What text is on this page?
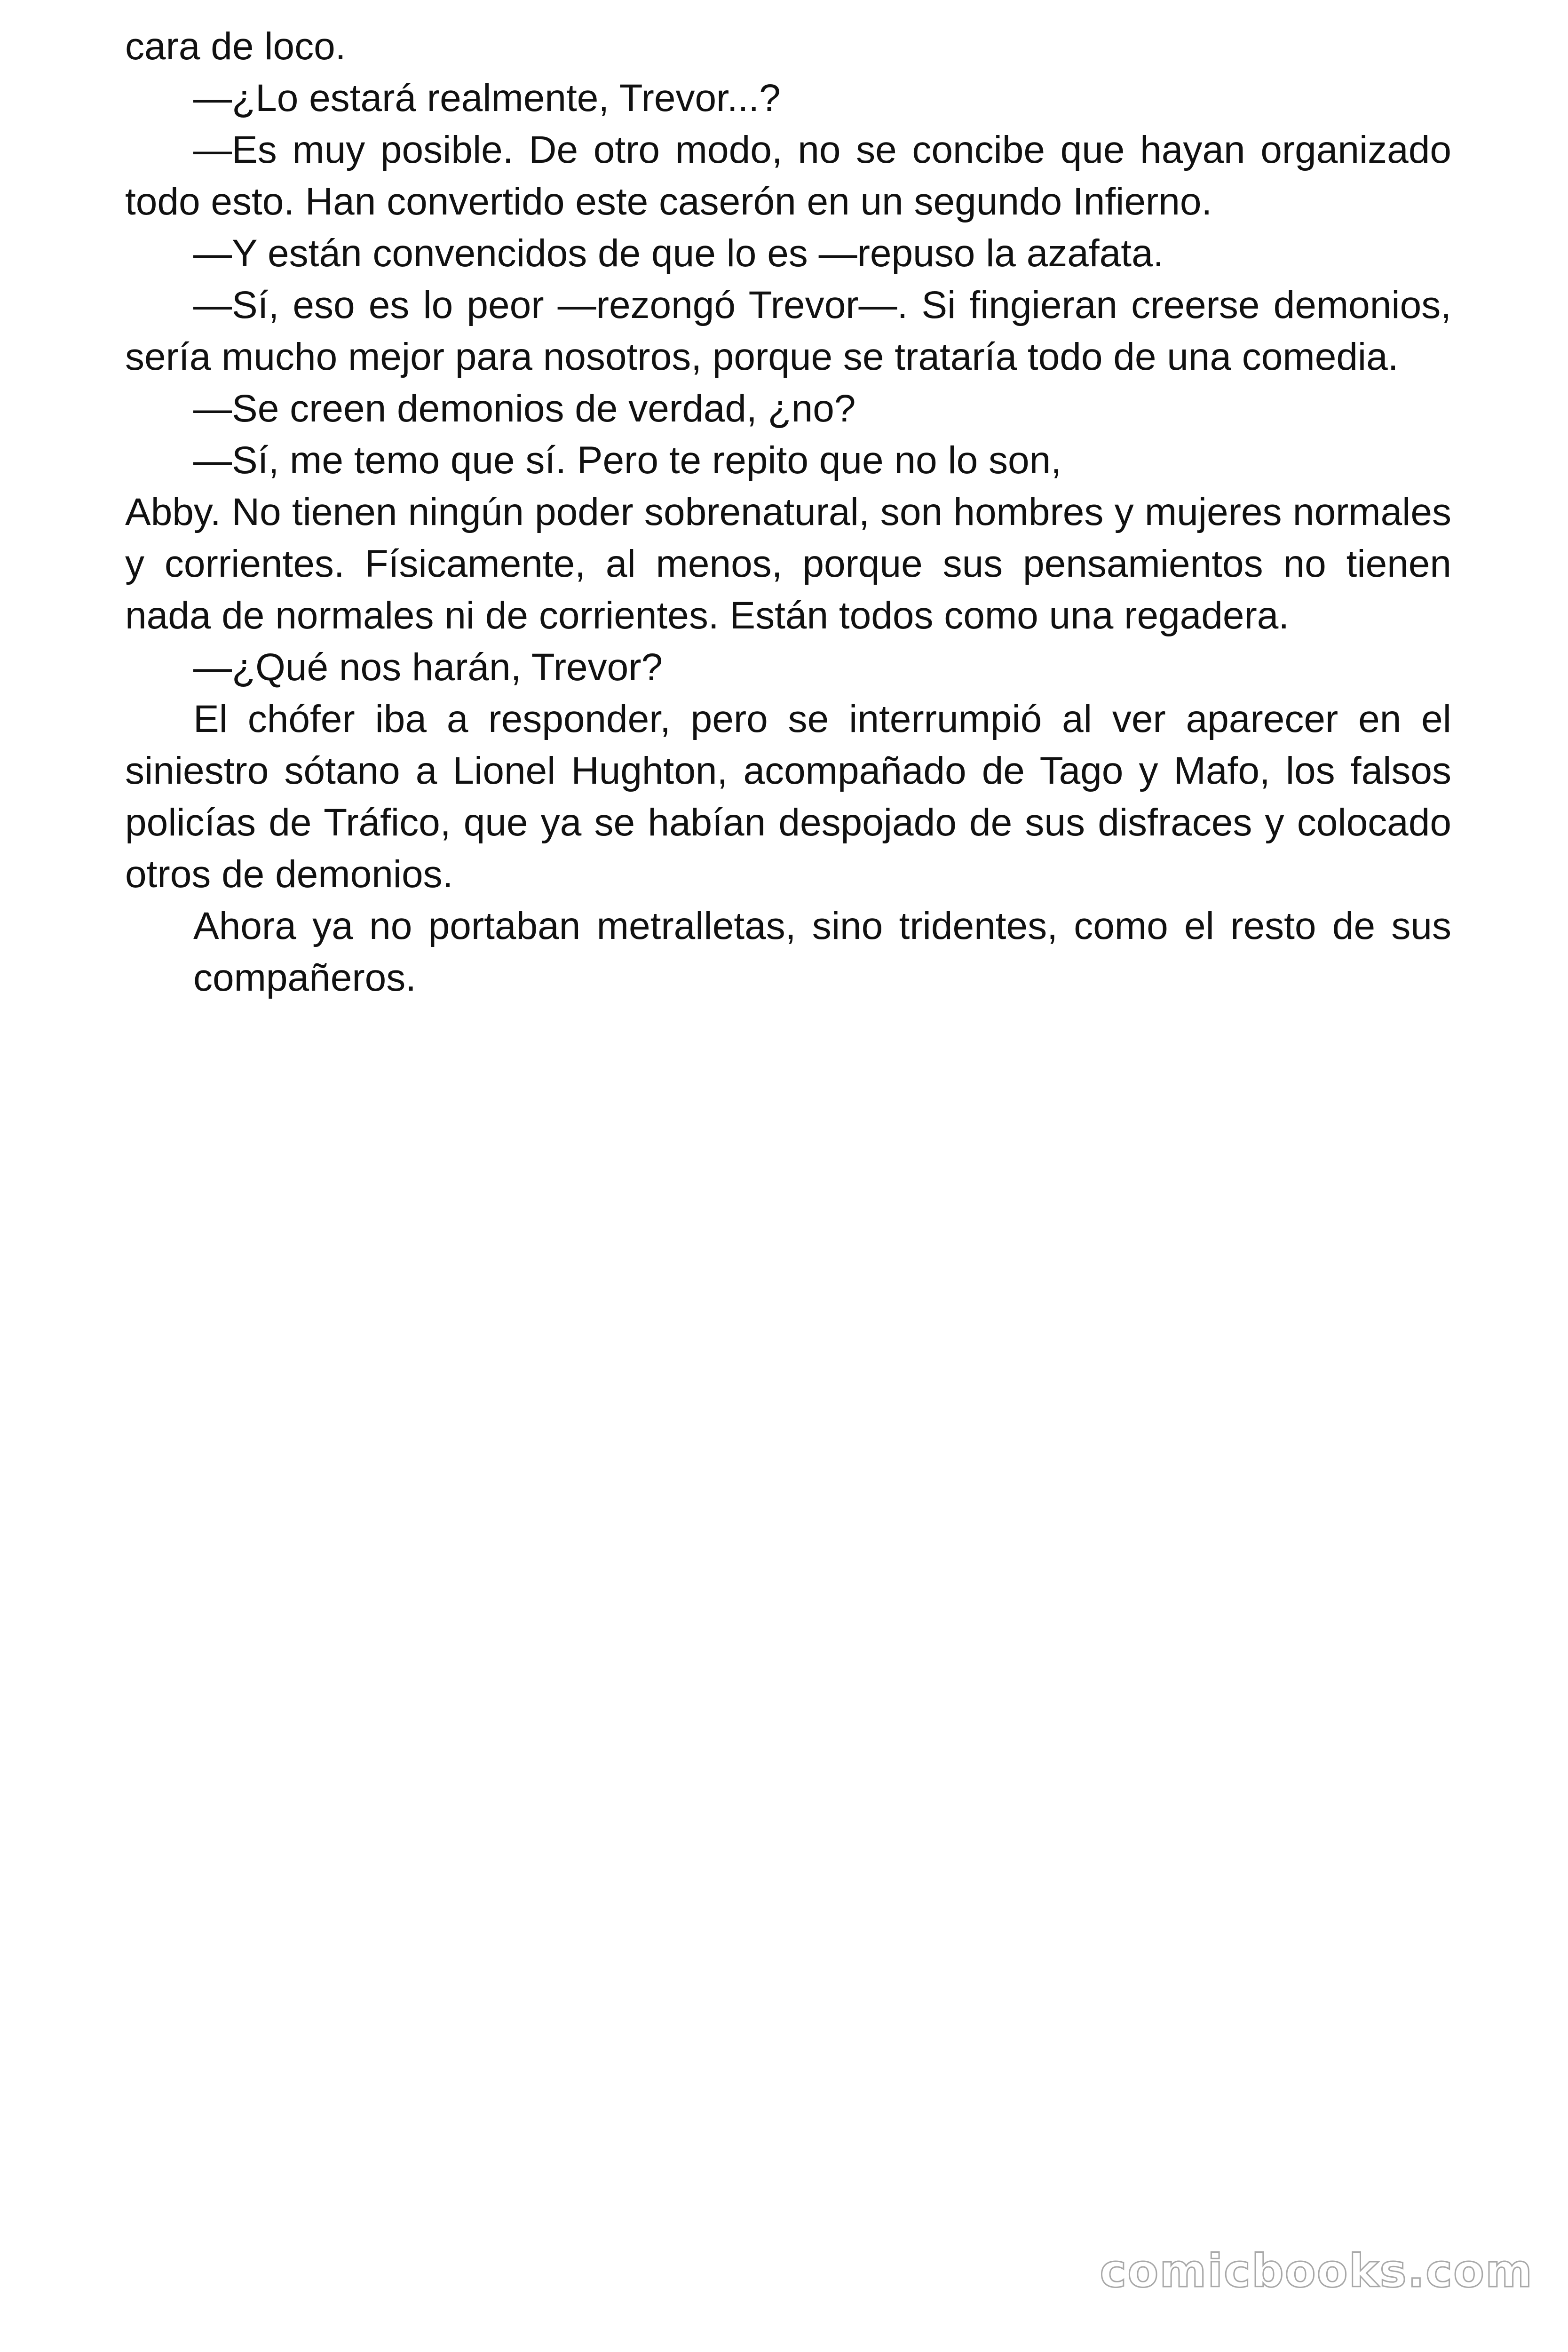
cara de loco.

—¿Lo estará realmente, Trevor...?

—Es muy posible. De otro modo, no se concibe que hayan organizado todo esto. Han convertido este caserón en un segundo Infierno.

—Y están convencidos de que lo es —repuso la azafata.

—Sí, eso es lo peor —rezongó Trevor—. Si fingieran creerse demonios, sería mucho mejor para nosotros, porque se trataría todo de una comedia.

—Se creen demonios de verdad, ¿no?

—Sí, me temo que sí. Pero te repito que no lo son,

Abby. No tienen ningún poder sobrenatural, son hombres y mujeres normales y corrientes. Físicamente, al menos, porque sus pensamientos no tienen nada de normales ni de corrientes. Están todos como una regadera.

—¿Qué nos harán, Trevor?

El chófer iba a responder, pero se interrumpió al ver aparecer en el siniestro sótano a Lionel Hughton, acompañado de Tago y Mafo, los falsos policías de Tráfico, que ya se habían despojado de sus disfraces y colocado otros de demonios.

Ahora ya no portaban metralletas, sino tridentes, como el resto de sus compañeros.

comicbooks.com
